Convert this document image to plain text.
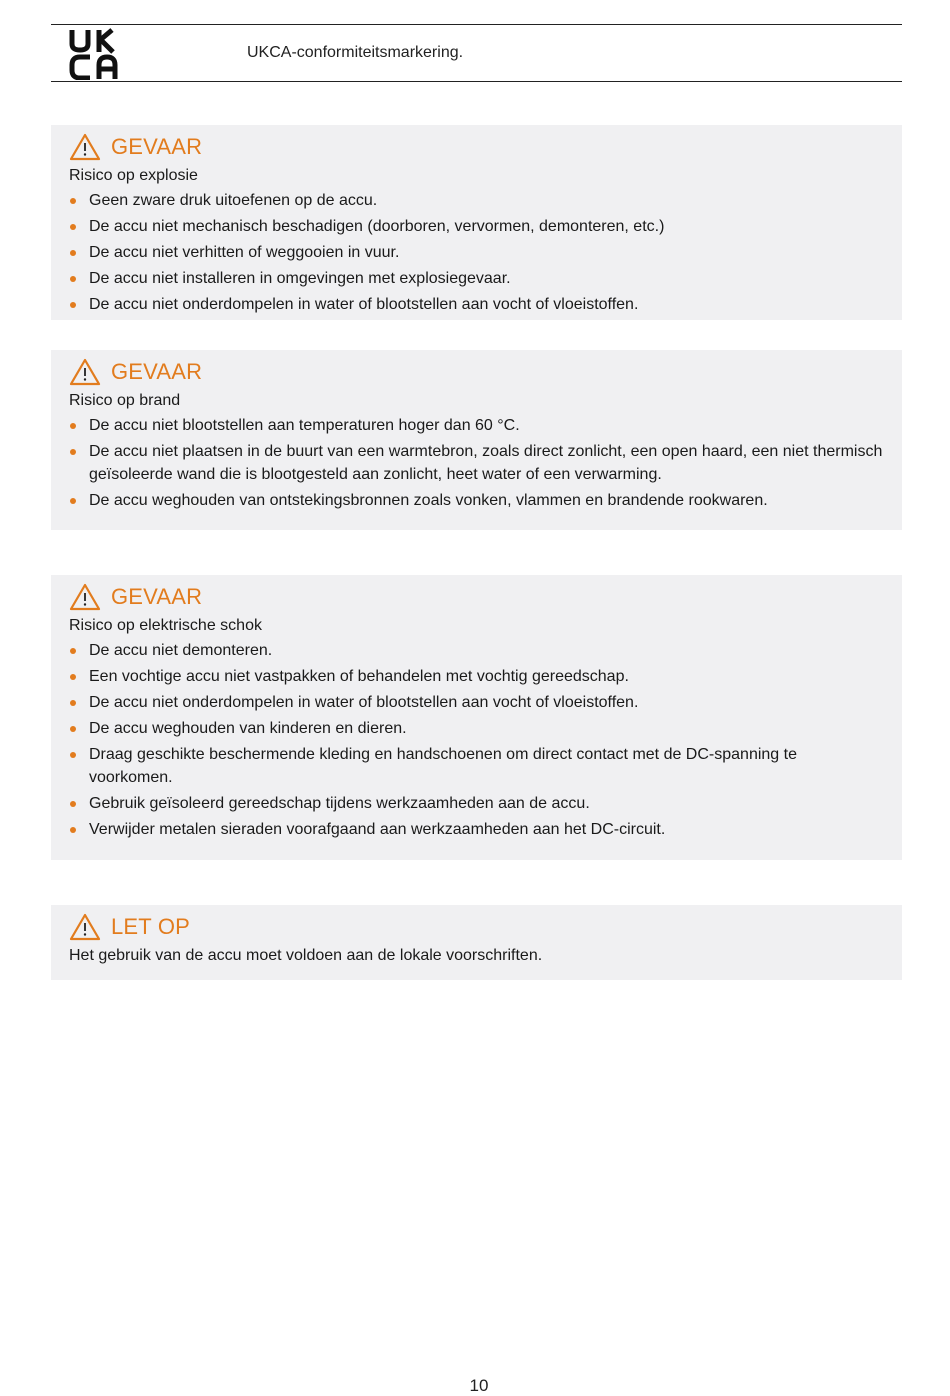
UKCA-conformiteitsmarkering.
GEVAAR
Risico op explosie
Geen zware druk uitoefenen op de accu.
De accu niet mechanisch beschadigen (doorboren, vervormen, demonteren, etc.)
De accu niet verhitten of weggooien in vuur.
De accu niet installeren in omgevingen met explosiegevaar.
De accu niet onderdompelen in water of blootstellen aan vocht of vloeistoffen.
GEVAAR
Risico op brand
De accu niet blootstellen aan temperaturen hoger dan 60 °C.
De accu niet plaatsen in de buurt van een warmtebron, zoals direct zonlicht, een open haard, een niet thermisch geïsoleerde wand die is blootgesteld aan zonlicht, heet water of een verwarming.
De accu weghouden van ontstekingsbronnen zoals vonken, vlammen en brandende rookwaren.
GEVAAR
Risico op elektrische schok
De accu niet demonteren.
Een vochtige accu niet vastpakken of behandelen met vochtig gereedschap.
De accu niet onderdompelen in water of blootstellen aan vocht of vloeistoffen.
De accu weghouden van kinderen en dieren.
Draag geschikte beschermende kleding en handschoenen om direct contact met de DC-spanning te voorkomen.
Gebruik geïsoleerd gereedschap tijdens werkzaamheden aan de accu.
Verwijder metalen sieraden voorafgaand aan werkzaamheden aan het DC-circuit.
LET OP
Het gebruik van de accu moet voldoen aan de lokale voorschriften.
10
